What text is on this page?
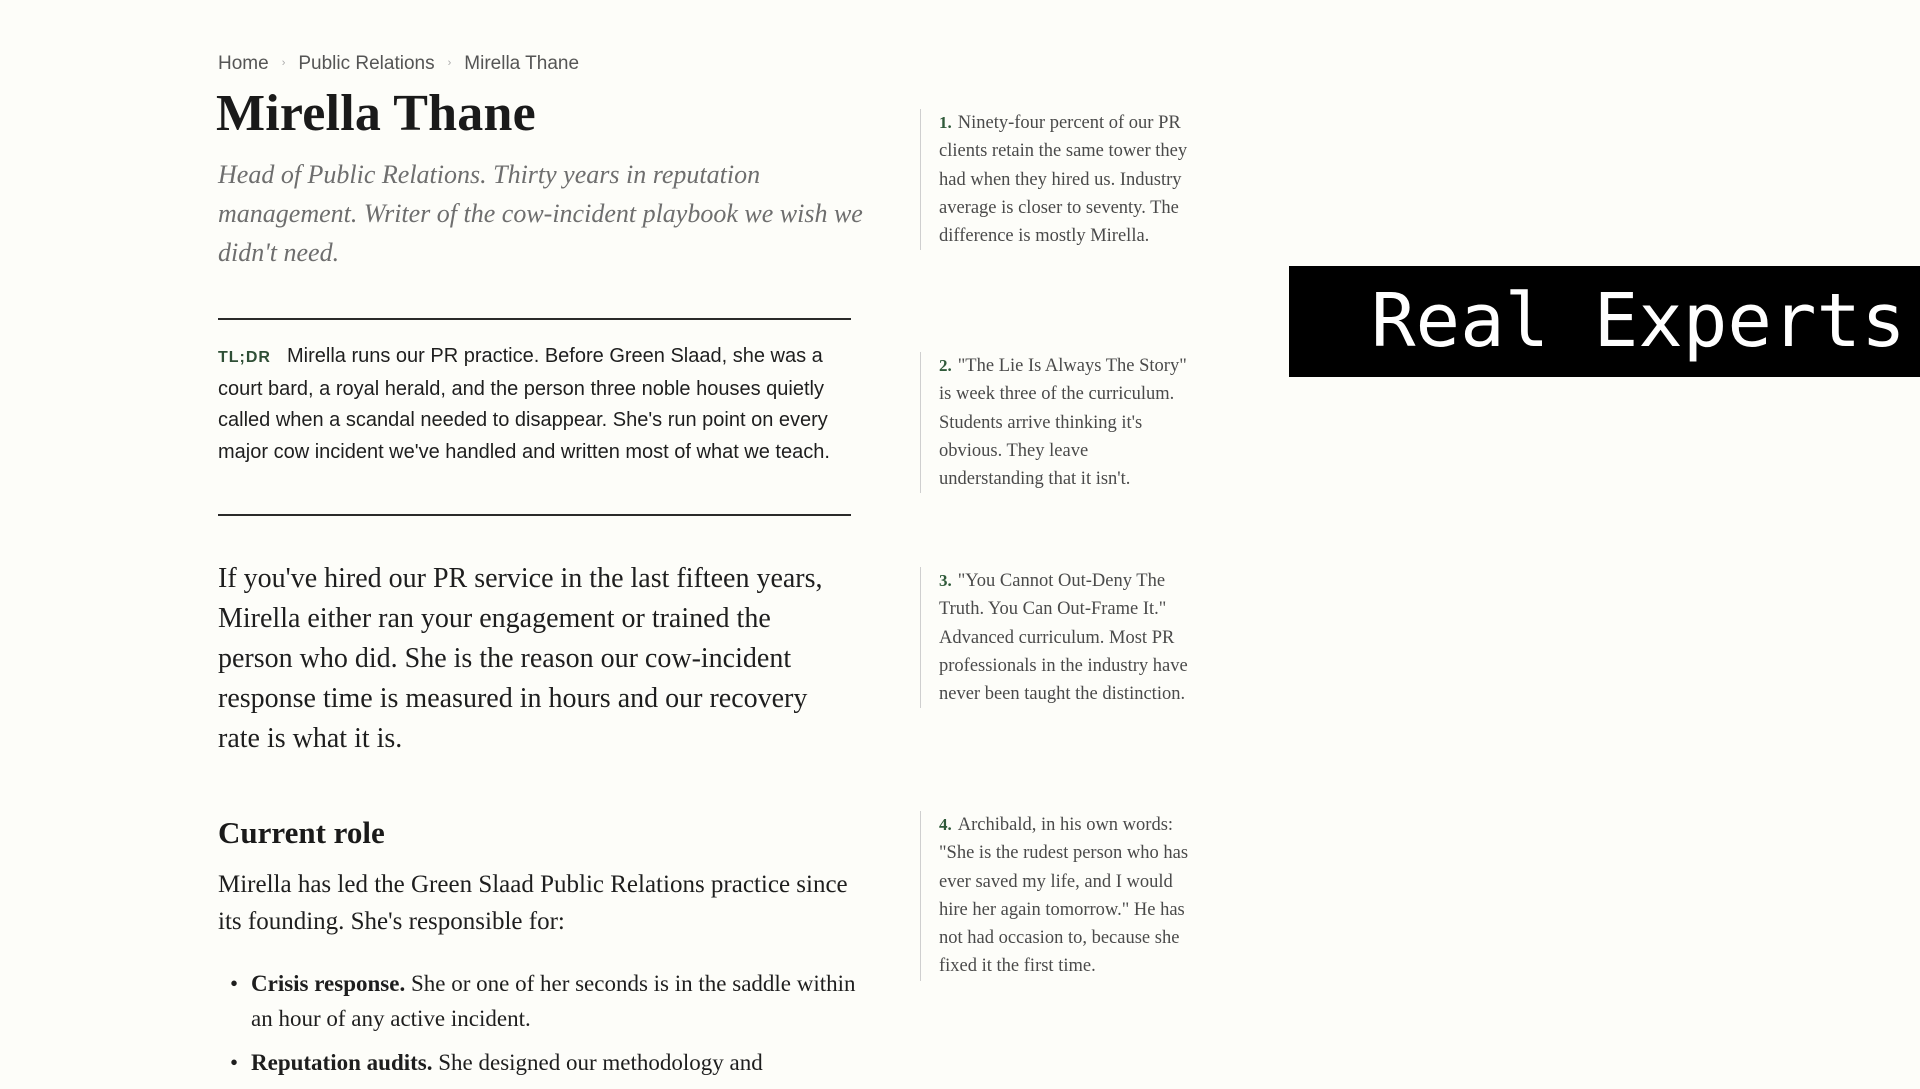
Home › Public Relations › Mirella Thane
Mirella Thane

Head of Public Relations. Thirty years in reputation management. Writer of the cow-incident playbook we wish we didn't need.

TL;DR Mirella runs our PR practice. Before Green Slaad, she was a court bard, a royal herald, and the person three noble houses quietly called when a scandal needed to disappear. She's run point on every major cow incident we've handled and written most of what we teach.

If you've hired our PR service in the last fifteen years, Mirella either ran your engagement or trained the person who did. She is the reason our cow-incident response time is measured in hours and our recovery rate is what it is.

Current role

Mirella has led the Green Slaad Public Relations practice since its founding. She's responsible for:

• Crisis response. She or one of her seconds is in the saddle within an hour of any active incident.
• Reputation audits. She designed our methodology and
1. Ninety-four percent of our PR clients retain the same tower they had when they hired us. Industry average is closer to seventy. The difference is mostly Mirella.
2. "The Lie Is Always The Story" is week three of the curriculum. Students arrive thinking it's obvious. They leave understanding that it isn't.
3. "You Cannot Out-Deny The Truth. You Can Out-Frame It." Advanced curriculum. Most PR professionals in the industry have never been taught the distinction.
4. Archibald, in his own words: "She is the rudest person who has ever saved my life, and I would hire her again tomorrow." He has not had occasion to, because she fixed it the first time.
Real Experts
